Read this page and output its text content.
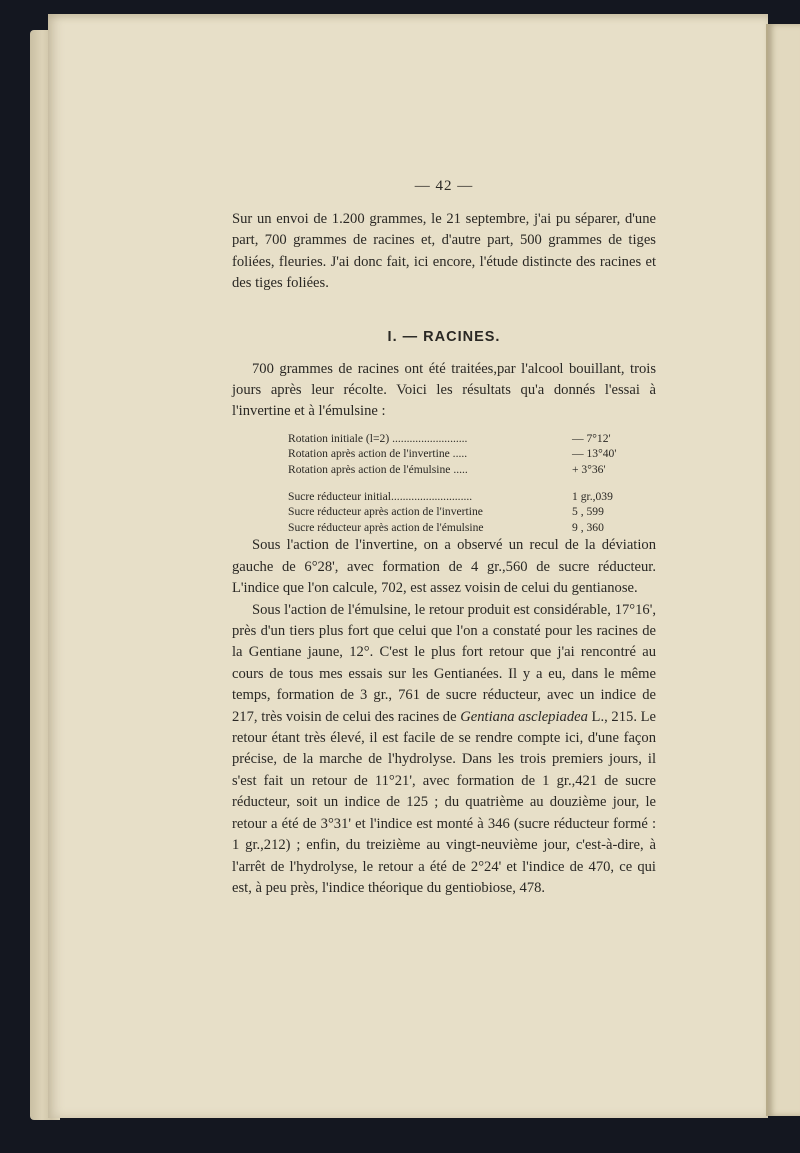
— 42 —

Sur un envoi de 1.200 grammes, le 21 septembre, j'ai pu séparer, d'une part, 700 grammes de racines et, d'autre part, 500 grammes de tiges foliées, fleuries. J'ai donc fait, ici encore, l'étude distincte des racines et des tiges foliées.

I. — RACINES.

700 grammes de racines ont été traitées,par l'alcool bouillant, trois jours après leur récolte. Voici les résultats qu'a donnés l'essai à l'invertine et à l'émulsine :

Rotation initiale (l=2) ..........................	— 7°12'
Rotation après action de l'invertine .....	— 13°40'
Rotation après action de l'émulsine .....	+ 3°36'
Sucre réducteur initial............................	1 gr.,039
Sucre réducteur après action de l'invertine	5 , 599
Sucre réducteur après action de l'émulsine	9 , 360

Sous l'action de l'invertine, on a observé un recul de la déviation gauche de 6°28', avec formation de 4 gr.,560 de sucre réducteur. L'indice que l'on calcule, 702, est assez voisin de celui du gentianose.

Sous l'action de l'émulsine, le retour produit est considérable, 17°16', près d'un tiers plus fort que celui que l'on a constaté pour les racines de la Gentiane jaune, 12°. C'est le plus fort retour que j'ai rencontré au cours de tous mes essais sur les Gentianées. Il y a eu, dans le même temps, formation de 3 gr., 761 de sucre réducteur, avec un indice de 217, très voisin de celui des racines de Gentiana asclepiadea L., 215. Le retour étant très élevé, il est facile de se rendre compte ici, d'une façon précise, de la marche de l'hydrolyse. Dans les trois premiers jours, il s'est fait un retour de 11°21', avec formation de 1 gr.,421 de sucre réducteur, soit un indice de 125 ; du quatrième au douzième jour, le retour a été de 3°31' et l'indice est monté à 346 (sucre réducteur formé : 1 gr.,212) ; enfin, du treizième au vingt-neuvième jour, c'est-à-dire, à l'arrêt de l'hydrolyse, le retour a été de 2°24' et l'indice de 470, ce qui est, à peu près, l'indice théorique du gentiobiose, 478.
